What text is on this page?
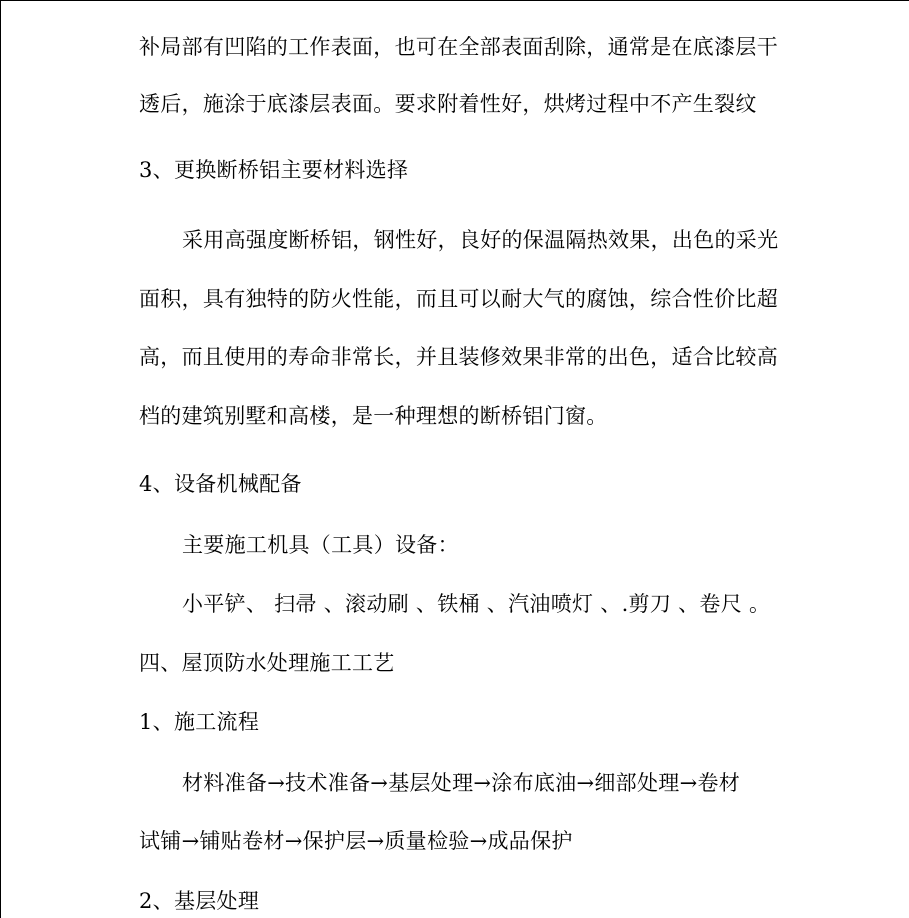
补局部有凹陷的工作表面，也可在全部表面刮除，通常是在底漆层干
透后，施涂于底漆层表面。要求附着性好，烘烤过程中不产生裂纹
3、更换断桥铝主要材料选择
采用高强度断桥铝，钢性好，良好的保温隔热效果，出色的采光
面积，具有独特的防火性能，而且可以耐大气的腐蚀，综合性价比超
高，而且使用的寿命非常长，并且装修效果非常的出色，适合比较高
档的建筑别墅和高楼，是一种理想的断桥铝门窗。
4、设备机械配备
主要施工机具（工具）设备：
小平铲、 扫帚 、滚动刷 、铁桶 、汽油喷灯 、.剪刀 、卷尺 。
四、屋顶防水处理施工工艺
1、施工流程
材料准备→技术准备→基层处理→涂布底油→细部处理→卷材
试铺→铺贴卷材→保护层→质量检验→成品保护
2、基层处理
